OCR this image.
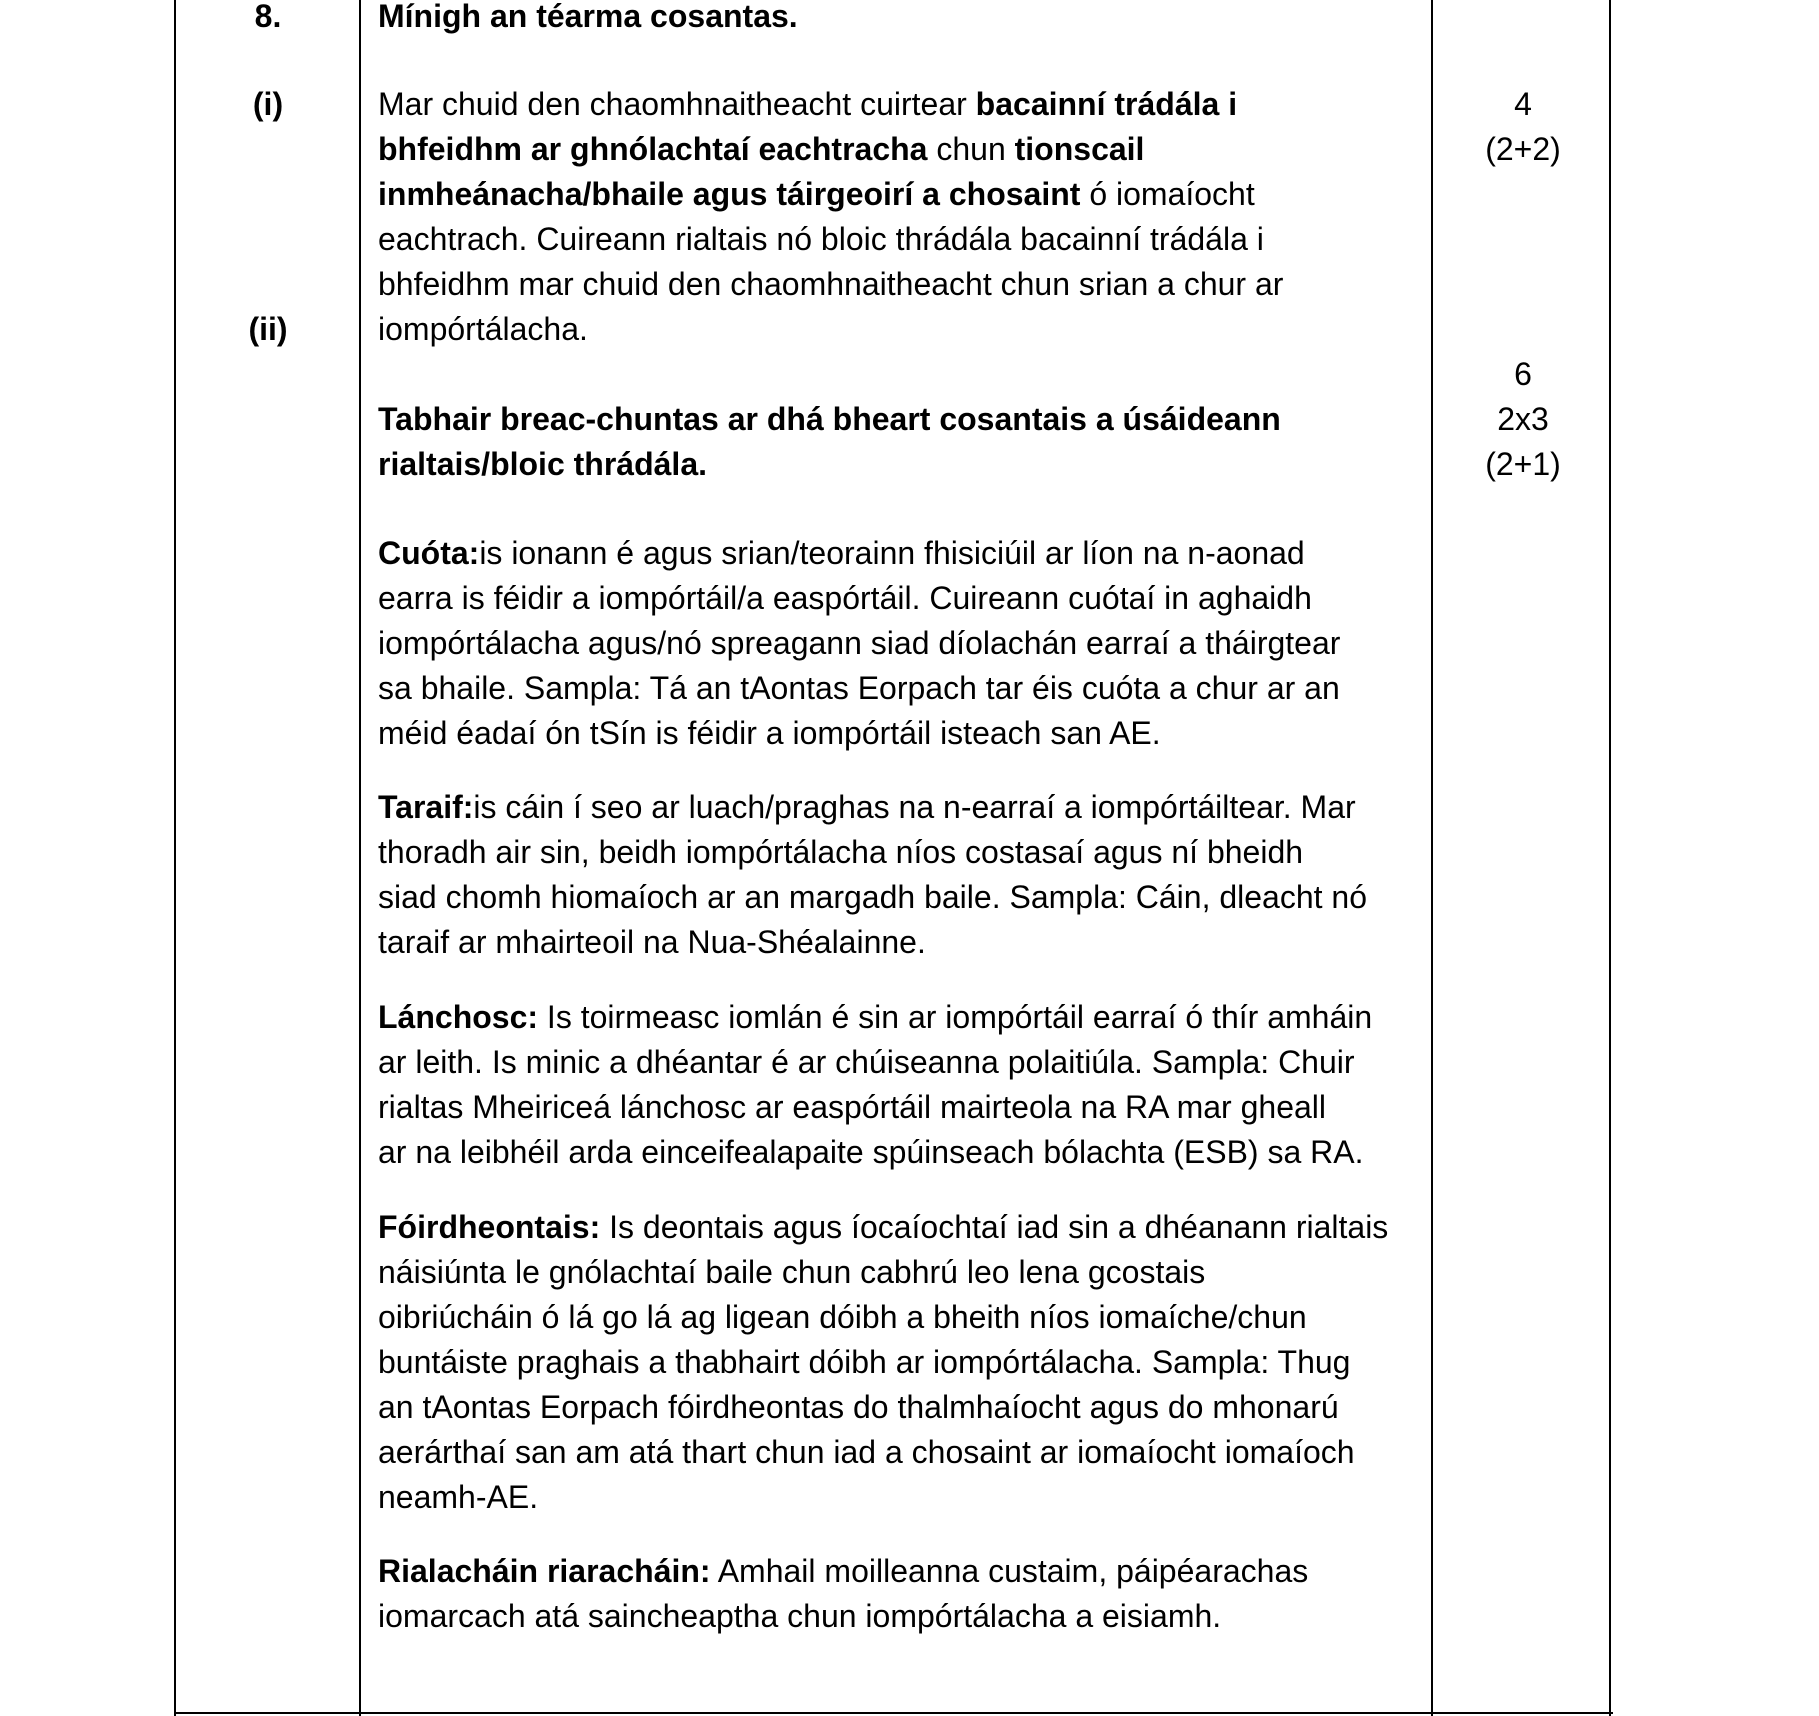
8.
(i)
(ii)
4
(2+2)
6
2x3
(2+1)
Mínigh an téarma cosantas.
Mar chuid den chaomhnaitheacht cuirtear bacainní trádála i
bhfeidhm ar ghnólachtaí eachtracha chun tionscail
inmheánacha/bhaile agus táirgeoirí a chosaint ó iomaíocht
eachtrach. Cuireann rialtais nó bloic thrádála bacainní trádála i
bhfeidhm mar chuid den chaomhnaitheacht chun srian a chur ar
iompórtálacha.
Tabhair breac-chuntas ar dhá bheart cosantais a úsáideann
rialtais/bloic thrádála.
Cuóta:is ionann é agus srian/teorainn fhisiciúil ar líon na n-aonad
earra is féidir a iompórtáil/a easpórtáil. Cuireann cuótaí in aghaidh
iompórtálacha agus/nó spreagann siad díolachán earraí a tháirgtear
sa bhaile. Sampla: Tá an tAontas Eorpach tar éis cuóta a chur ar an
méid éadaí ón tSín is féidir a iompórtáil isteach san AE.
Taraif:is cáin í seo ar luach/praghas na n-earraí a iompórtáiltear. Mar
thoradh air sin, beidh iompórtálacha níos costasaí agus ní bheidh
siad chomh hiomaíoch ar an margadh baile. Sampla: Cáin, dleacht nó
taraif ar mhairteoil na Nua-Shéalainne.
Lánchosc: Is toirmeasc iomlán é sin ar iompórtáil earraí ó thír amháin
ar leith. Is minic a dhéantar é ar chúiseanna polaitiúla. Sampla: Chuir
rialtas Mheiriceá lánchosc ar easpórtáil mairteola na RA mar gheall
ar na leibhéil arda einceifealapaite spúinseach bólachta (ESB) sa RA.
Fóirdheontais: Is deontais agus íocaíochtaí iad sin a dhéanann rialtais
náisiúnta le gnólachtaí baile chun cabhrú leo lena gcostais
oibriúcháin ó lá go lá ag ligean dóibh a bheith níos iomaíche/chun
buntáiste praghais a thabhairt dóibh ar iompórtálacha. Sampla: Thug
an tAontas Eorpach fóirdheontas do thalmhaíocht agus do mhonarú
aerárthaí san am atá thart chun iad a chosaint ar iomaíocht iomaíoch
neamh-AE.
Rialacháin riaracháin: Amhail moilleanna custaim, páipéarachas
iomarcach atá saincheaptha chun iompórtálacha a eisiamh.
